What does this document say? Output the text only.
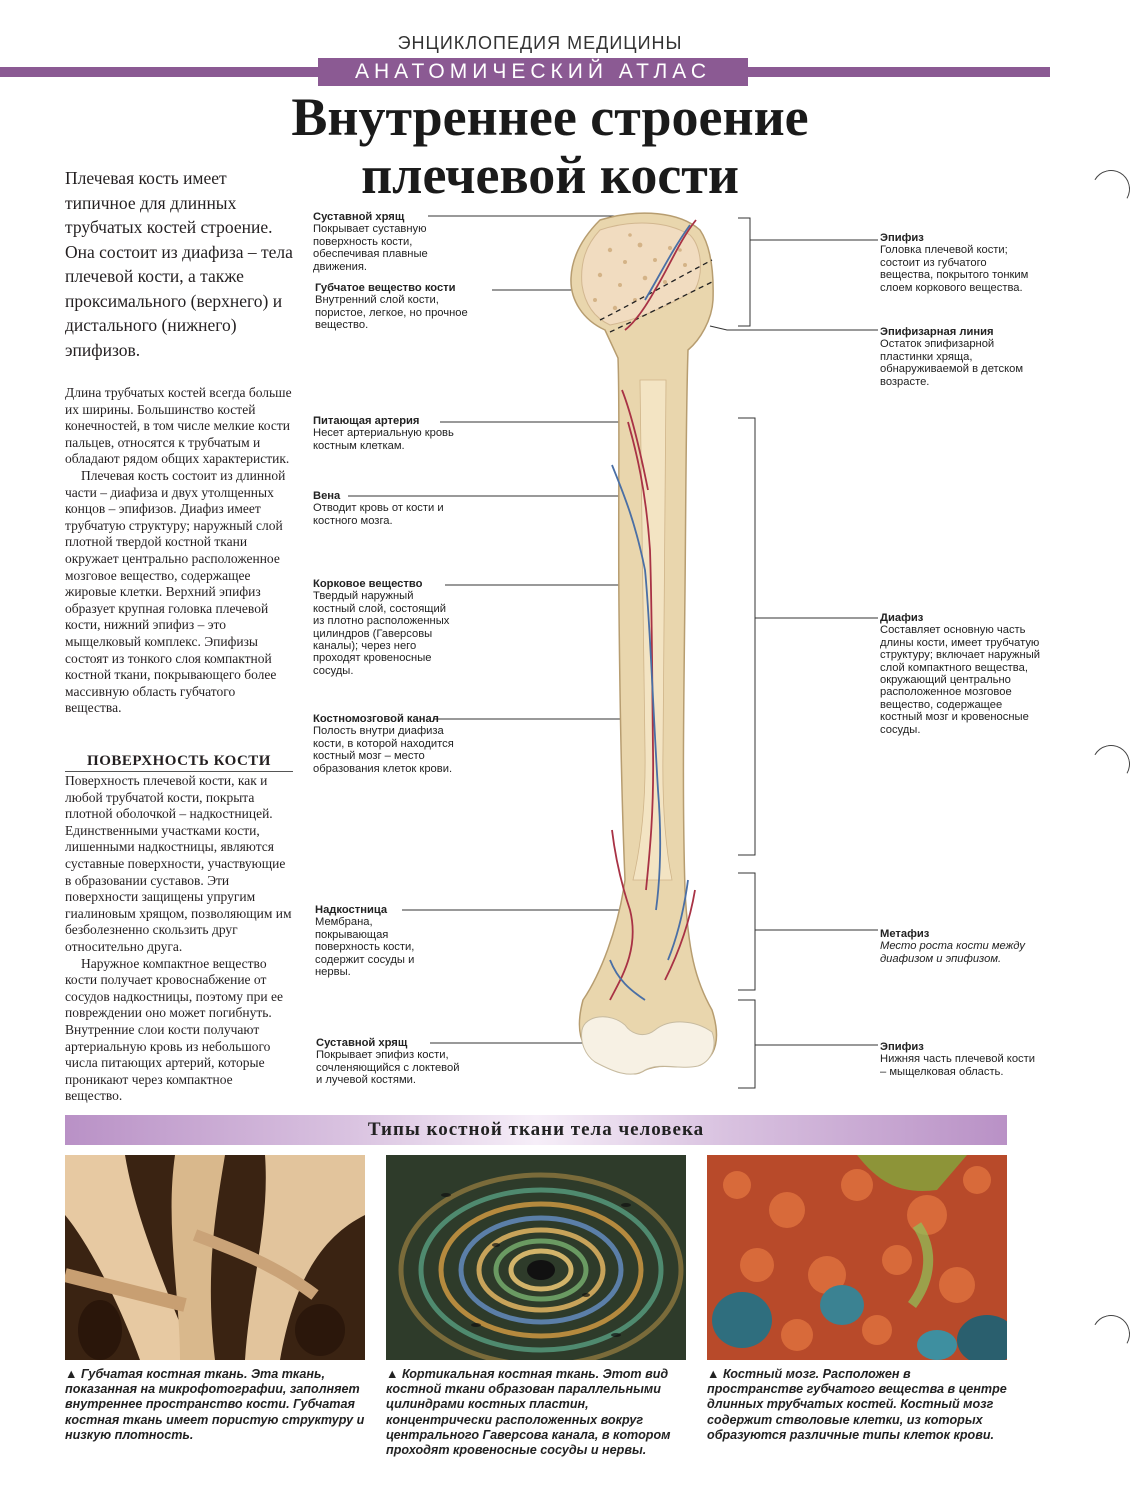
ЭНЦИКЛОПЕДИЯ МЕДИЦИНЫ
АНАТОМИЧЕСКИЙ АТЛАС
Внутреннее строение
плечевой кости

Плечевая кость имеет типичное для длинных трубчатых костей строение. Она состоит из диафиза – тела плечевой кости, а также проксимального (верхнего) и дистального (нижнего) эпифизов.

Длина трубчатых костей всегда больше их ширины. Большинство костей конечностей, в том числе мелкие кости пальцев, относятся к трубчатым и обладают рядом общих характеристик.

Плечевая кость состоит из длинной части – диафиза и двух утолщенных концов – эпифизов. Диафиз имеет трубчатую структуру; наружный слой плотной твердой костной ткани окружает центрально расположенное мозговое вещество, содержащее жировые клетки. Верхний эпифиз образует крупная головка плечевой кости, нижний эпифиз – это мыщелковый комплекс. Эпифизы состоят из тонкого слоя компактной костной ткани, покрывающего более массивную область губчатого вещества.

ПОВЕРХНОСТЬ КОСТИ

Поверхность плечевой кости, как и любой трубчатой кости, покрыта плотной оболочкой – надкостницей. Единственными участками кости, лишенными надкостницы, являются суставные поверхности, участвующие в образовании суставов. Эти поверхности защищены упругим гиалиновым хрящом, позволяющим им безболезненно скользить друг относительно друга.

Наружное компактное вещество кости получает кровоснабжение от сосудов надкостницы, поэтому при ее повреждении оно может погибнуть. Внутренние слои кости получают артериальную кровь из небольшого числа питающих артерий, которые проникают через компактное вещество.

Суставной хрящ
Покрывает суставную поверхность кости, обеспечивая плавные движения.
Губчатое вещество кости
Внутренний слой кости, пористое, легкое, но прочное вещество.
Питающая артерия
Несет артериальную кровь костным клеткам.
Вена
Отводит кровь от кости и костного мозга.
Корковое вещество
Твердый наружный костный слой, состоящий из плотно расположенных цилиндров (Гаверсовы каналы); через него проходят кровеносные сосуды.
Костномозговой канал
Полость внутри диафиза кости, в которой находится костный мозг – место образования клеток крови.
Надкостница
Мембрана, покрывающая поверхность кости, содержит сосуды и нервы.
Суставной хрящ
Покрывает эпифиз кости, сочленяющийся с локтевой и лучевой костями.
Эпифиз
Головка плечевой кости; состоит из губчатого вещества, покрытого тонким слоем коркового вещества.
Эпифизарная линия
Остаток эпифизарной пластинки хряща, обнаруживаемой в детском возрасте.
Диафиз
Составляет основную часть длины кости, имеет трубчатую структуру; включает наружный слой компактного вещества, окружающий центрально расположенное мозговое вещество, содержащее костный мозг и кровеносные сосуды.
Метафиз
Место роста кости между диафизом и эпифизом.
Эпифиз
Нижняя часть плечевой кости – мыщелковая область.
Типы костной ткани тела человека

▲ Губчатая костная ткань. Эта ткань, показанная на микрофотографии, заполняет внутреннее пространство кости. Губчатая костная ткань имеет пористую структуру и низкую плотность.

▲ Кортикальная костная ткань. Этот вид костной ткани образован параллельными цилиндрами костных пластин, концентрически расположенных вокруг центрального Гаверсова канала, в котором проходят кровеносные сосуды и нервы.

▲ Костный мозг. Расположен в пространстве губчатого вещества в центре длинных трубчатых костей. Костный мозг содержит стволовые клетки, из которых образуются различные типы клеток крови.
